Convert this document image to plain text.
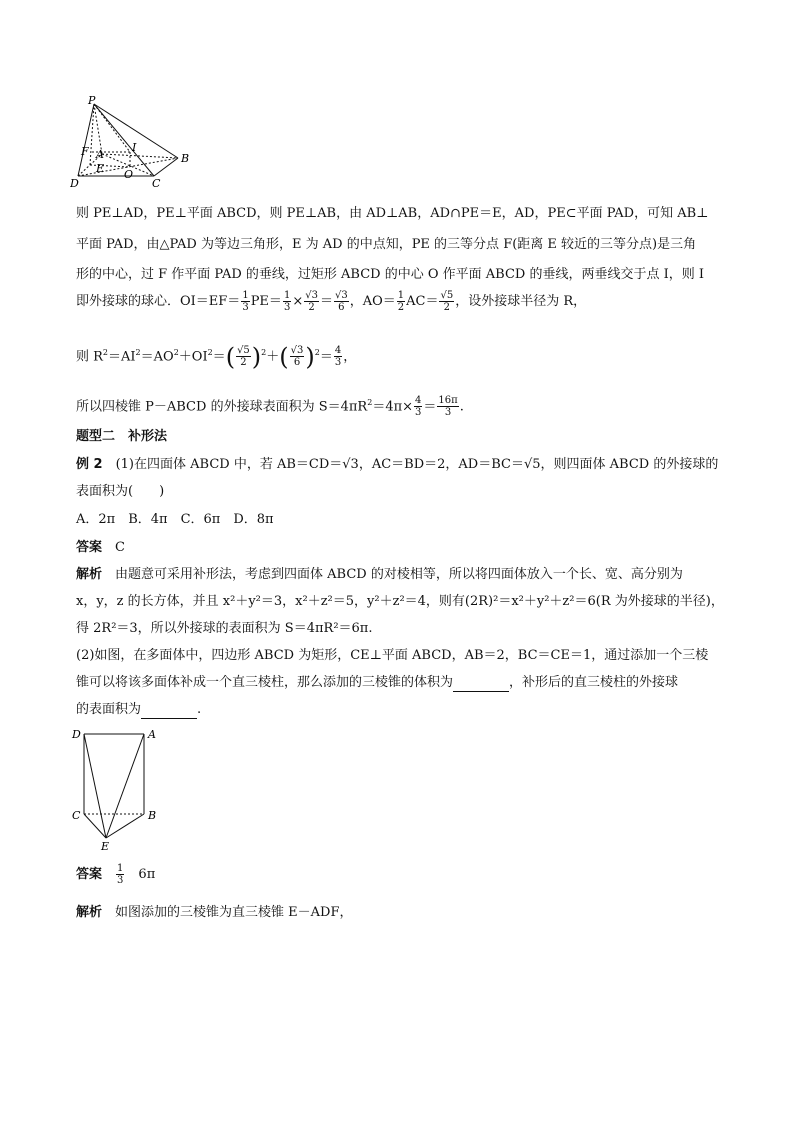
P
F A
I
E O
B
D	C
则 PE⊥AD，PE⊥平面 ABCD，则 PE⊥AB，由 AD⊥AB，AD∩PE＝E，AD，PE⊂平面 PAD，可知 AB⊥
平面 PAD，由△PAD 为等边三角形，E 为 AD 的中点知，PE 的三等分点 F(距离 E 较近的三等分点)是三角
形的中心，过 F 作平面 PAD 的垂线，过矩形 ABCD 的中心 O 作平面 ABCD 的垂线，两垂线交于点 I，则 I
即外接球的球心．$OI=EF= \frac{1}{3} PE= \frac{1}{3} \times \frac{√3}{2} = \frac{√3}{6}$ ，$AO= \frac{1}{2} AC= \frac{√5}{2}$ ，设外接球半径为 R，
则 $R^2=AI^2=AO^2+OI^2=( \frac{√5}{2} )^2+( \frac{√3}{6} )^2= \frac{4}{3}$ ，
所以四棱锥 P－ABCD 的外接球表面积为 $S=4\pi R^2=4\pi\times \frac{4}{3} = \frac{16\pi}{3}$ .
题型二　补形法
例 2　 (1)在四面体 ABCD 中，若 AB＝CD＝√3，AC＝BD＝2，AD＝BC＝√5，则四面体 ABCD 的外接球的
表面积为(　　)
A．2π　B．4π　C．6π　D．8π
答案　 C
解析　 由题意可采用补形法，考虑到四面体 ABCD 的对棱相等，所以将四面体放入一个长、宽、高分别为
x，y，z 的长方体，并且 x²＋y²＝3，x²＋z²＝5，y²＋z²＝4，则有(2R)²＝x²＋y²＋z²＝6(R 为外接球的半径)，
得 2R²＝3，所以外接球的表面积为 S＝4πR²＝6π.
(2)如图，在多面体中，四边形 ABCD 为矩形，CE⊥平面 ABCD，AB＝2，BC＝CE＝1，通过添加一个三棱
锥可以将该多面体补成一个直三棱柱，那么添加的三棱锥的体积为	，补形后的直三棱柱的外接球
的表面积为	.
D	A
C	B
E
答案　 $\frac{1}{3}$
　 6π
解析　 如图添加的三棱锥为直三棱锥 E－ADF，
